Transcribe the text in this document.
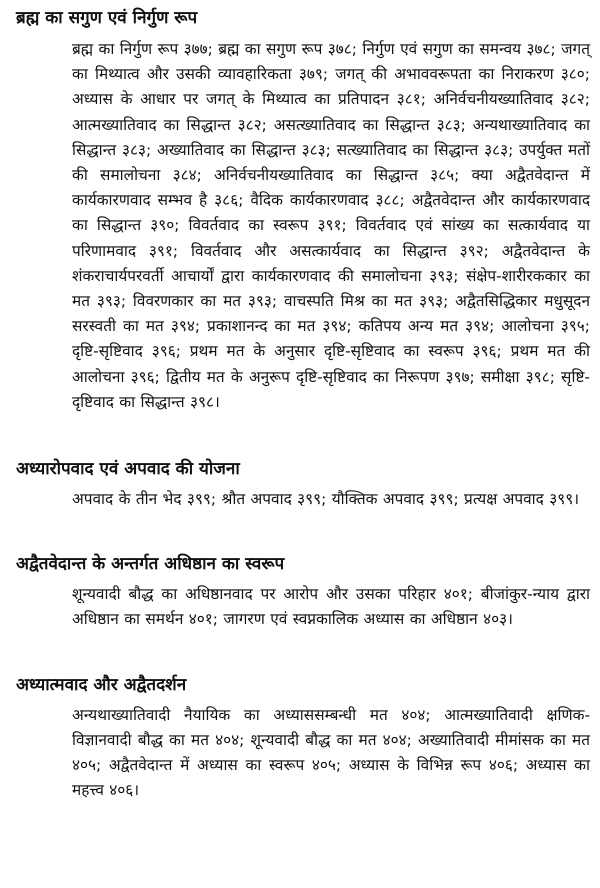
ब्रह्म का सगुण एवं निर्गुण रूप

ब्रह्म का निर्गुण रूप ३७७; ब्रह्म का सगुण रूप ३७८; निर्गुण एवं सगुण का समन्वय ३७८; जगत् का मिथ्यात्व और उसकी व्यावहारिकता ३७९; जगत् की अभाववरूपता का निराकरण ३८०; अध्यास के आधार पर जगत् के मिथ्यात्व का प्रतिपादन ३८१; अनिर्वचनीयख्यातिवाद ३८२; आत्मख्यातिवाद का सिद्धान्त ३८२; असत्ख्यातिवाद का सिद्धान्त ३८३; अन्यथाख्यातिवाद का सिद्धान्त ३८३; अख्यातिवाद का सिद्धान्त ३८३; सत्ख्यातिवाद का सिद्धान्त ३८३; उपर्युक्त मतों की समालोचना ३८४; अनिर्वचनीयख्यातिवाद का सिद्धान्त ३८५; क्या अद्वैतवेदान्त में कार्यकारणवाद सम्भव है ३८६; वैदिक कार्यकारणवाद ३८८; अद्वैतवेदान्त और कार्यकारणवाद का सिद्धान्त ३९०; विवर्तवाद का स्वरूप ३९१; विवर्तवाद एवं सांख्य का सत्कार्यवाद या परिणामवाद ३९१; विवर्तवाद और असत्कार्यवाद का सिद्धान्त ३९२; अद्वैतवेदान्त के शंकराचार्यपरवर्ती आचार्यों द्वारा कार्यकारणवाद की समालोचना ३९३; संक्षेप-शारीरककार का मत ३९३; विवरणकार का मत ३९३; वाचस्पति मिश्र का मत ३९३; अद्वैतसिद्धिकार मधुसूदन सरस्वती का मत ३९४; प्रकाशानन्द का मत ३९४; कतिपय अन्य मत ३९४; आलोचना ३९५; दृष्टि-सृष्टिवाद ३९६; प्रथम मत के अनुसार दृष्टि-सृष्टिवाद का स्वरूप ३९६; प्रथम मत की आलोचना ३९६; द्वितीय मत के अनुरूप दृष्टि-सृष्टिवाद का निरूपण ३९७; समीक्षा ३९८; सृष्टि-दृष्टिवाद का सिद्धान्त ३९८।

अध्यारोपवाद एवं अपवाद की योजना

अपवाद के तीन भेद ३९९; श्रौत अपवाद ३९९; यौक्तिक अपवाद ३९९; प्रत्यक्ष अपवाद ३९९।

अद्वैतवेदान्त के अन्तर्गत अधिष्ठान का स्वरूप

शून्यवादी बौद्ध का अधिष्ठानवाद पर आरोप और उसका परिहार ४०१; बीजांकुर-न्याय द्वारा अधिष्ठान का समर्थन ४०१; जागरण एवं स्वप्नकालिक अध्यास का अधिष्ठान ४०३।

अध्यात्मवाद और अद्वैतदर्शन

अन्यथाख्यातिवादी नैयायिक का अध्याससम्बन्धी मत ४०४; आत्मख्यातिवादी क्षणिक-विज्ञानवादी बौद्ध का मत ४०४; शून्यवादी बौद्ध का मत ४०४; अख्यातिवादी मीमांसक का मत ४०५; अद्वैतवेदान्त में अध्यास का स्वरूप ४०५; अध्यास के विभिन्न रूप ४०६; अध्यास का महत्त्व ४०६।
